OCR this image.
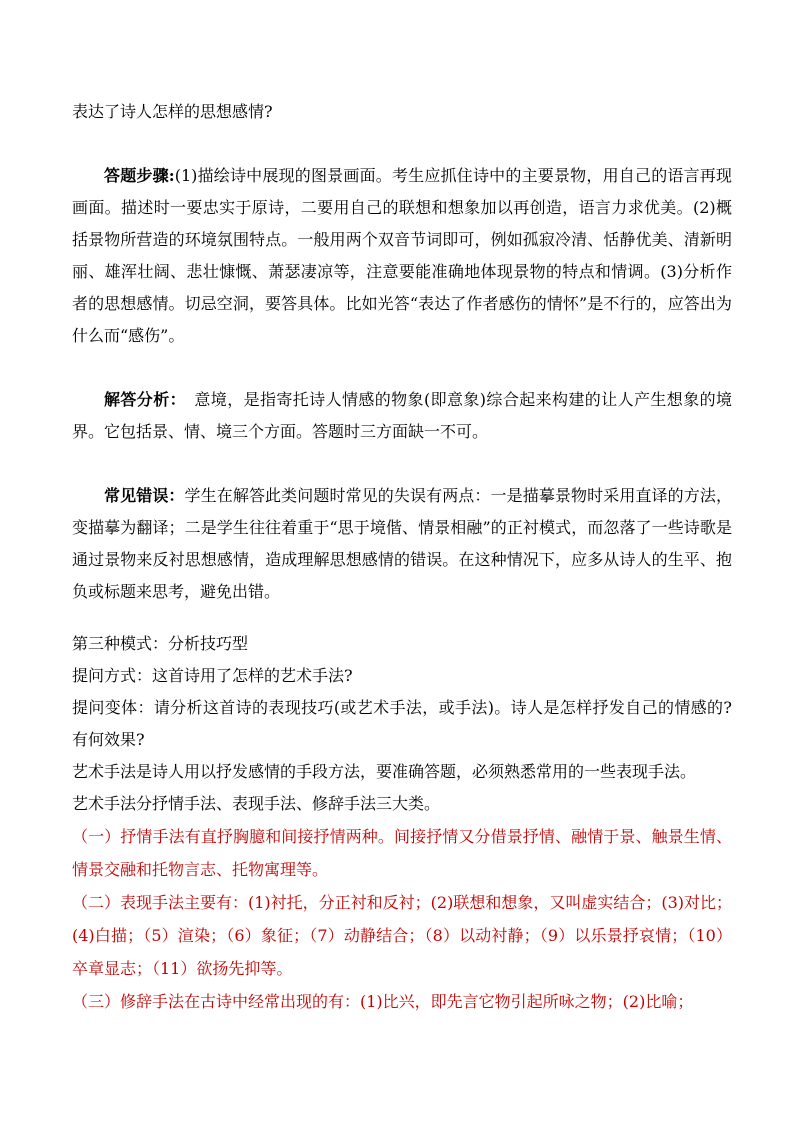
表达了诗人怎样的思想感情?

答题步骤:(1)描绘诗中展现的图景画面。考生应抓住诗中的主要景物，用自己的语言再现画面。描述时一要忠实于原诗，二要用自己的联想和想象加以再创造，语言力求优美。(2)概括景物所营造的环境氛围特点。一般用两个双音节词即可，例如孤寂冷清、恬静优美、清新明丽、雄浑壮阔、悲壮慷慨、萧瑟凄凉等，注意要能准确地体现景物的特点和情调。(3)分析作者的思想感情。切忌空洞，要答具体。比如光答“表达了作者感伤的情怀”是不行的，应答出为什么而“感伤”。

解答分析：　意境，是指寄托诗人情感的物象(即意象)综合起来构建的让人产生想象的境界。它包括景、情、境三个方面。答题时三方面缺一不可。

常见错误：学生在解答此类问题时常见的失误有两点：一是描摹景物时采用直译的方法，变描摹为翻译；二是学生往往着重于“思于境偕、情景相融”的正衬模式，而忽落了一些诗歌是通过景物来反衬思想感情，造成理解思想感情的错误。在这种情况下，应多从诗人的生平、抱负或标题来思考，避免出错。

第三种模式：分析技巧型

提问方式：这首诗用了怎样的艺术手法?

提问变体：请分析这首诗的表现技巧(或艺术手法，或手法)。诗人是怎样抒发自己的情感的?有何效果?

艺术手法是诗人用以抒发感情的手段方法，要准确答题，必须熟悉常用的一些表现手法。

艺术手法分抒情手法、表现手法、修辞手法三大类。

（一）抒情手法有直抒胸臆和间接抒情两种。间接抒情又分借景抒情、融情于景、触景生情、情景交融和托物言志、托物寓理等。

（二）表现手法主要有：(1)衬托，分正衬和反衬；(2)联想和想象，又叫虚实结合；(3)对比；(4)白描；（5）渲染；（6）象征；（7）动静结合；（8）以动衬静；（9）以乐景抒哀情；（10）卒章显志；（11）欲扬先抑等。

（三）修辞手法在古诗中经常出现的有：(1)比兴，即先言它物引起所咏之物；(2)比喻；
